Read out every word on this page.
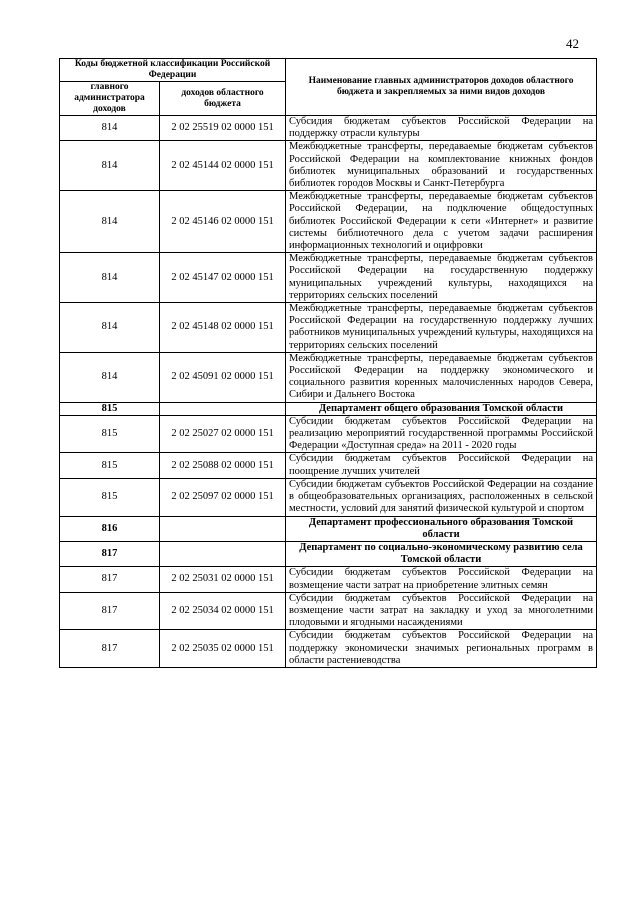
42
Коды бюджетной классификации Российской Федерации		Наименование главных администраторов доходов областного бюджета и закрепляемых за ними видов доходов
главного администратора доходов	доходов областного бюджета	
814	2 02 25519 02 0000 151	Субсидия бюджетам субъектов Российской Федерации на поддержку отрасли культуры
814	2 02 45144 02 0000 151	Межбюджетные трансферты, передаваемые бюджетам субъектов Российской Федерации на комплектование книжных фондов библиотек муниципальных образований и государственных библиотек городов Москвы и Санкт-Петербурга
814	2 02 45146 02 0000 151	Межбюджетные трансферты, передаваемые бюджетам субъектов Российской Федерации, на подключение общедоступных библиотек Российской Федерации к сети «Интернет» и развитие системы библиотечного дела с учетом задачи расширения информационных технологий и оцифровки
814	2 02 45147 02 0000 151	Межбюджетные трансферты, передаваемые бюджетам субъектов Российской Федерации на государственную поддержку муниципальных учреждений культуры, находящихся на территориях сельских поселений
814	2 02 45148 02 0000 151	Межбюджетные трансферты, передаваемые бюджетам субъектов Российской Федерации на государственную поддержку лучших работников муниципальных учреждений культуры, находящихся на территориях сельских поселений
814	2 02 45091 02 0000 151	Межбюджетные трансферты, передаваемые бюджетам субъектов Российской Федерации на поддержку экономического и социального развития коренных малочисленных народов Севера, Сибири и Дальнего Востока
815		Департамент общего образования Томской области
815	2 02 25027 02 0000 151	Субсидии бюджетам субъектов Российской Федерации на реализацию мероприятий государственной программы Российской Федерации «Доступная среда» на 2011 - 2020 годы
815	2 02 25088 02 0000 151	Субсидии бюджетам субъектов Российской Федерации на поощрение лучших учителей
815	2 02 25097 02 0000 151	Субсидии бюджетам субъектов Российской Федерации на создание в общеобразовательных организациях, расположенных в сельской местности, условий для занятий физической культурой и спортом
816		Департамент профессионального образования Томской области
817		Департамент по социально-экономическому развитию села Томской области
817	2 02 25031 02 0000 151	Субсидии бюджетам субъектов Российской Федерации на возмещение части затрат на приобретение элитных семян
817	2 02 25034 02 0000 151	Субсидии бюджетам субъектов Российской Федерации на возмещение части затрат на закладку и уход за многолетними плодовыми и ягодными насаждениями
817	2 02 25035 02 0000 151	Субсидии бюджетам субъектов Российской Федерации на поддержку экономически значимых региональных программ в области растениеводства
